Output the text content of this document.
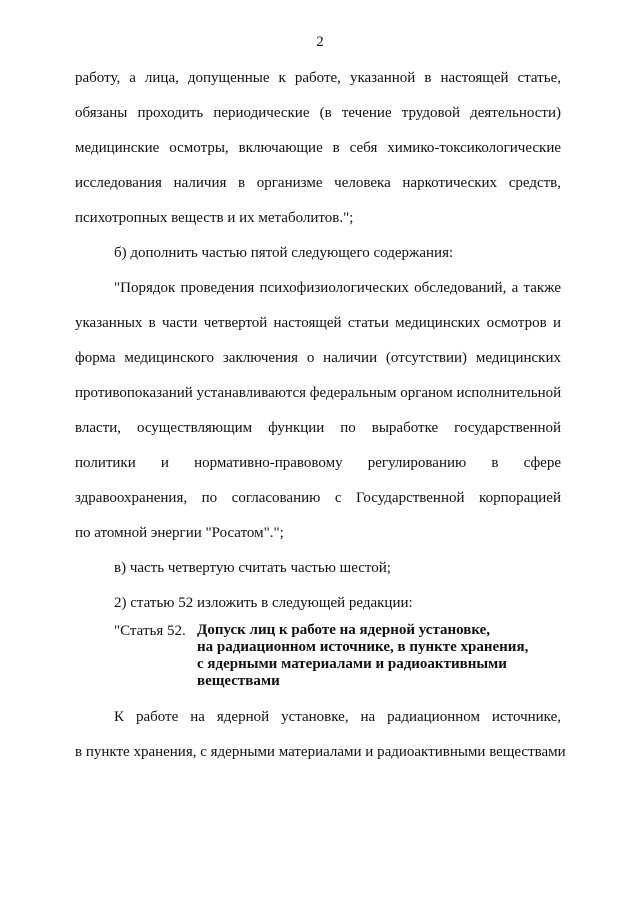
2
работу, а лица, допущенные к работе, указанной в настоящей статье,
обязаны проходить периодические (в течение трудовой деятельности)
медицинские осмотры, включающие в себя химико-токсикологические
исследования наличия в организме человека наркотических средств,
психотропных веществ и их метаболитов.";
б) дополнить частью пятой следующего содержания:
"Порядок проведения психофизиологических обследований, а также
указанных в части четвертой настоящей статьи медицинских осмотров и
форма медицинского заключения о наличии (отсутствии) медицинских
противопоказаний устанавливаются федеральным органом исполнительной
власти, осуществляющим функции по выработке государственной
политики и нормативно-правовому регулированию в сфере
здравоохранения, по согласованию с Государственной корпорацией
по атомной энергии "Росатом".";
в) часть четвертую считать частью шестой;
2) статью 52 изложить в следующей редакции:
"Статья 52. Допуск лиц к работе на ядерной установке,
на радиационном источнике, в пункте хранения,
с ядерными материалами и радиоактивными
веществами
К работе на ядерной установке, на радиационном источнике,
в пункте хранения, с ядерными материалами и радиоактивными веществами
